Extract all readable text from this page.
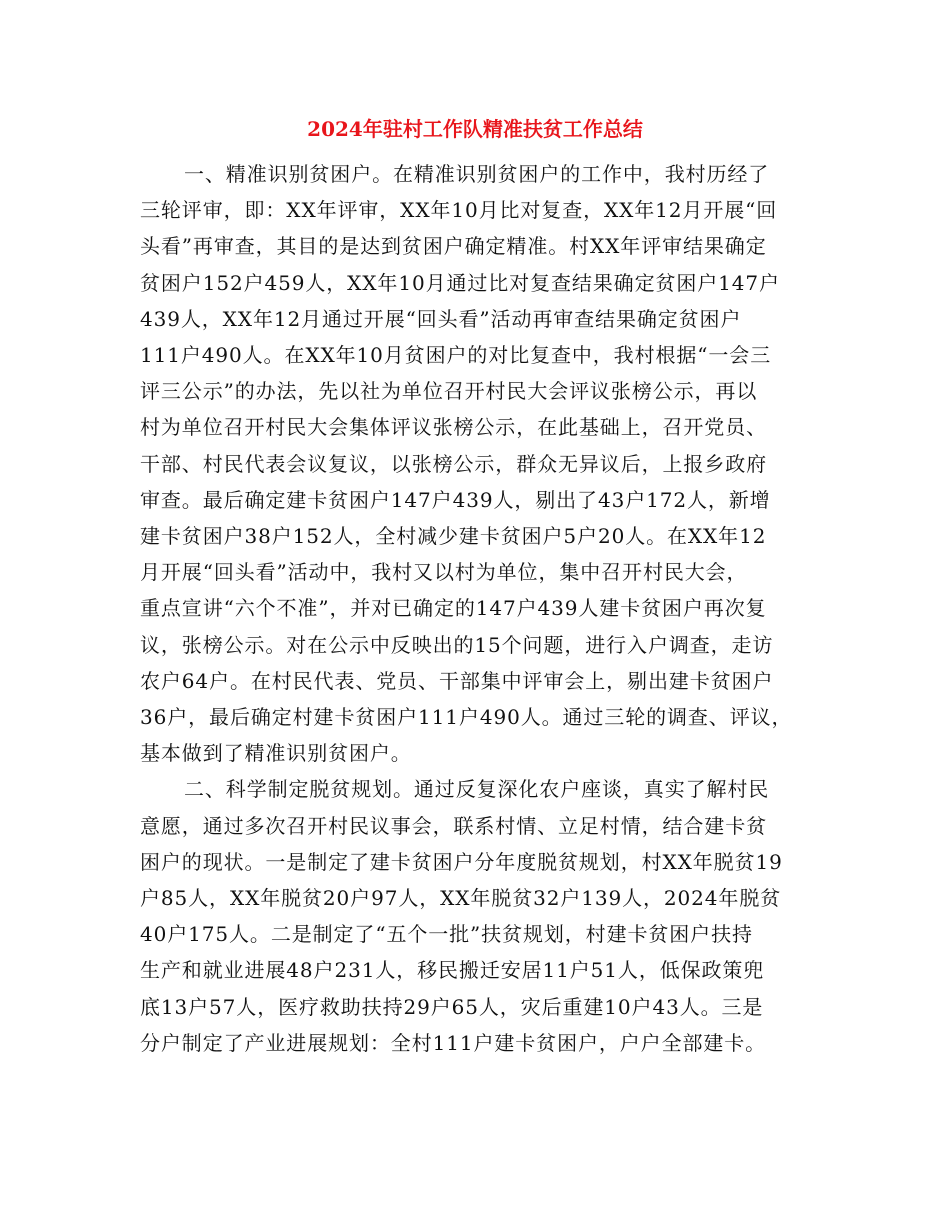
2024年驻村工作队精准扶贫工作总结

一、精准识别贫困户。在精准识别贫困户的工作中，我村历经了
三轮评审，即：XX年评审，XX年10月比对复查，XX年12月开展“回
头看”再审查，其目的是达到贫困户确定精准。村XX年评审结果确定
贫困户152户459人，XX年10月通过比对复查结果确定贫困户147户
439人，XX年12月通过开展“回头看”活动再审查结果确定贫困户
111户490人。在XX年10月贫困户的对比复查中，我村根据“一会三
评三公示”的办法，先以社为单位召开村民大会评议张榜公示，再以
村为单位召开村民大会集体评议张榜公示，在此基础上，召开党员、
干部、村民代表会议复议，以张榜公示，群众无异议后，上报乡政府
审查。最后确定建卡贫困户147户439人，剔出了43户172人，新增
建卡贫困户38户152人，全村减少建卡贫困户5户20人。在XX年12
月开展“回头看”活动中，我村又以村为单位，集中召开村民大会，
重点宣讲“六个不准”，并对已确定的147户439人建卡贫困户再次复
议，张榜公示。对在公示中反映出的15个问题，进行入户调查，走访
农户64户。在村民代表、党员、干部集中评审会上，剔出建卡贫困户
36户，最后确定村建卡贫困户111户490人。通过三轮的调查、评议，
基本做到了精准识别贫困户。

二、科学制定脱贫规划。通过反复深化农户座谈，真实了解村民
意愿，通过多次召开村民议事会，联系村情、立足村情，结合建卡贫
困户的现状。一是制定了建卡贫困户分年度脱贫规划，村XX年脱贫19
户85人，XX年脱贫20户97人，XX年脱贫32户139人，2024年脱贫
40户175人。二是制定了“五个一批”扶贫规划，村建卡贫困户扶持
生产和就业进展48户231人，移民搬迁安居11户51人，低保政策兜
底13户57人，医疗救助扶持29户65人，灾后重建10户43人。三是
分户制定了产业进展规划：全村111户建卡贫困户，户户全部建卡。
